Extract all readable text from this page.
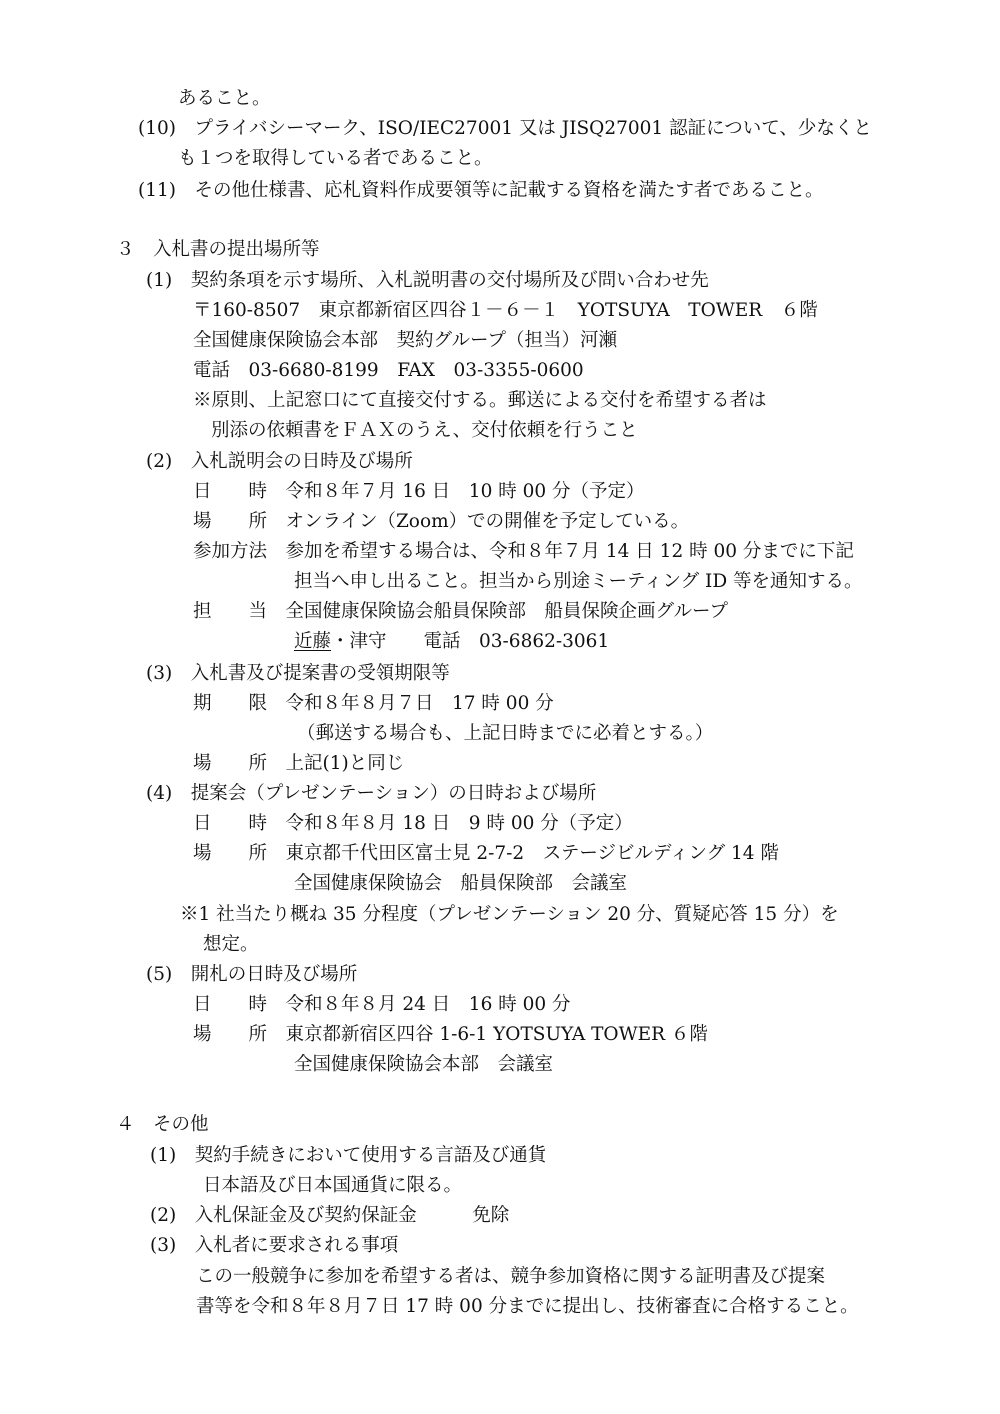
あること。
(10)　プライバシーマーク、ISO/IEC27001 又は JISQ27001 認証について、少なくと
も１つを取得している者であること。
(11)　その他仕様書、応札資料作成要領等に記載する資格を満たす者であること。
３　入札書の提出場所等
(1)　契約条項を示す場所、入札説明書の交付場所及び問い合わせ先
〒160-8507　東京都新宿区四谷１－６－１　YOTSUYA　TOWER　６階
全国健康保険協会本部　契約グループ（担当）河瀬
電話　03-6680-8199　FAX　03-3355-0600
※原則、上記窓口にて直接交付する。郵送による交付を希望する者は
別添の依頼書をＦＡＸのうえ、交付依頼を行うこと
(2)　入札説明会の日時及び場所
日　　時　令和８年７月 16 日　10 時 00 分（予定）
場　　所　オンライン（Zoom）での開催を予定している。
参加方法　参加を希望する場合は、令和８年７月 14 日 12 時 00 分までに下記
担当へ申し出ること。担当から別途ミーティング ID 等を通知する。
担　　当　全国健康保険協会船員保険部　船員保険企画グループ
近藤・津守　　電話　03-6862-3061
(3)　入札書及び提案書の受領期限等
期　　限　令和８年８月７日　17 時 00 分
（郵送する場合も、上記日時までに必着とする。）
場　　所　上記(1)と同じ
(4)　提案会（プレゼンテーション）の日時および場所
日　　時　令和８年８月 18 日　9 時 00 分（予定）
場　　所　東京都千代田区富士見 2-7-2　ステージビルディング 14 階
全国健康保険協会　船員保険部　会議室
※1 社当たり概ね 35 分程度（プレゼンテーション 20 分、質疑応答 15 分）を
想定。
(5)　開札の日時及び場所
日　　時　令和８年８月 24 日　16 時 00 分
場　　所　東京都新宿区四谷 1-6-1 YOTSUYA TOWER ６階
全国健康保険協会本部　会議室
４　その他
(1)　契約手続きにおいて使用する言語及び通貨
日本語及び日本国通貨に限る。
(2)　入札保証金及び契約保証金　　　免除
(3)　入札者に要求される事項
この一般競争に参加を希望する者は、競争参加資格に関する証明書及び提案
書等を令和８年８月７日 17 時 00 分までに提出し、技術審査に合格すること。
